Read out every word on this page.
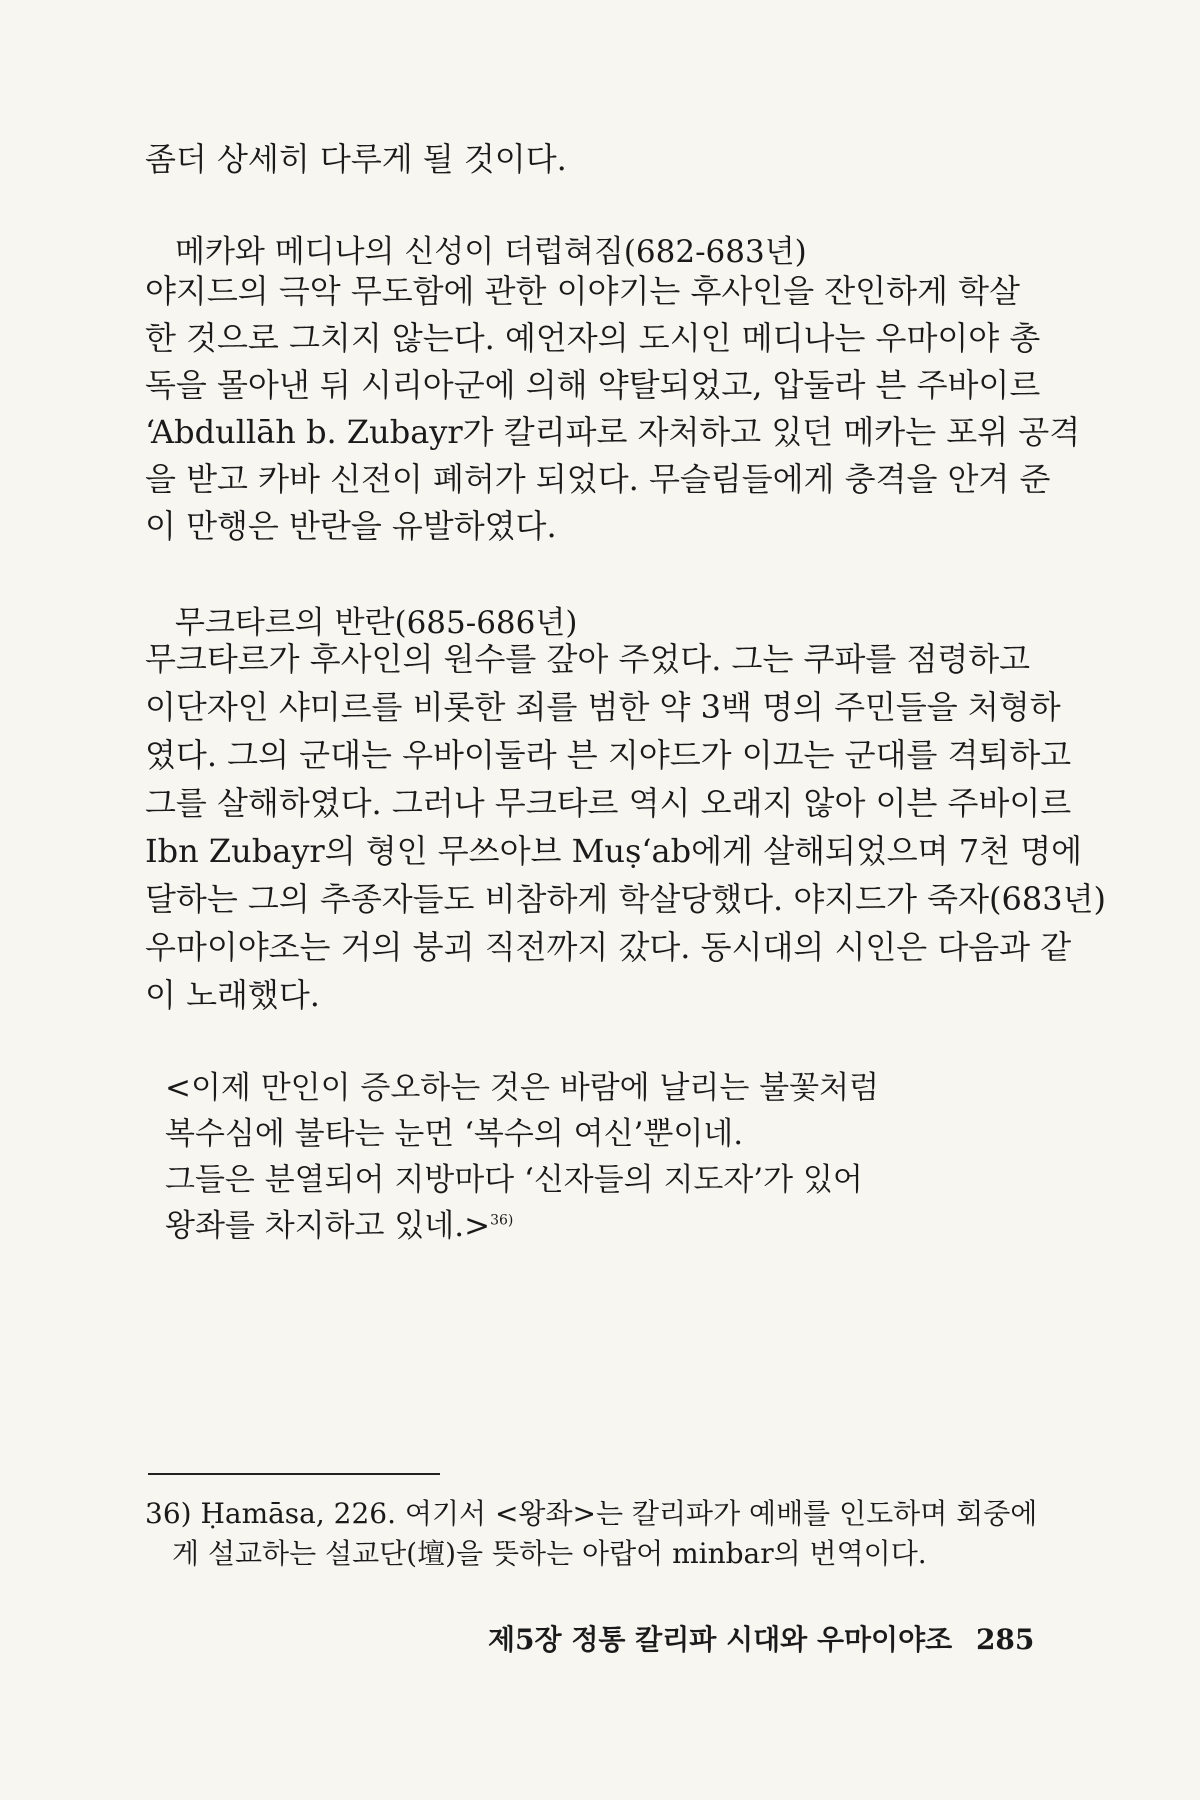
좀더 상세히 다루게 될 것이다.
메카와 메디나의 신성이 더럽혀짐(682-683년)
야지드의 극악 무도함에 관한 이야기는 후사인을 잔인하게 학살
한 것으로 그치지 않는다. 예언자의 도시인 메디나는 우마이야 총
독을 몰아낸 뒤 시리아군에 의해 약탈되었고, 압둘라 븐 주바이르
‘Abdullāh b. Zubayr가 칼리파로 자처하고 있던 메카는 포위 공격
을 받고 카바 신전이 폐허가 되었다. 무슬림들에게 충격을 안겨 준
이 만행은 반란을 유발하였다.
무크타르의 반란(685-686년)
무크타르가 후사인의 원수를 갚아 주었다. 그는 쿠파를 점령하고
이단자인 샤미르를 비롯한 죄를 범한 약 3백 명의 주민들을 처형하
였다. 그의 군대는 우바이둘라 븐 지야드가 이끄는 군대를 격퇴하고
그를 살해하였다. 그러나 무크타르 역시 오래지 않아 이븐 주바이르
Ibn Zubayr의 형인 무쓰아브 Muṣ‘ab에게 살해되었으며 7천 명에
달하는 그의 추종자들도 비참하게 학살당했다. 야지드가 죽자(683년)
우마이야조는 거의 붕괴 직전까지 갔다. 동시대의 시인은 다음과 같
이 노래했다.
<이제 만인이 증오하는 것은 바람에 날리는 불꽃처럼
복수심에 불타는 눈먼 ‘복수의 여신’뿐이네.
그들은 분열되어 지방마다 ‘신자들의 지도자’가 있어
왕좌를 차지하고 있네.>$^{36)}$
36) Ḥamāsa, 226. 여기서 <왕좌>는 칼리파가 예배를 인도하며 회중에
게 설교하는 설교단(壇)을 뜻하는 아랍어 minbar의 번역이다.
제5장 정통 칼리파 시대와 우마이야조 285
